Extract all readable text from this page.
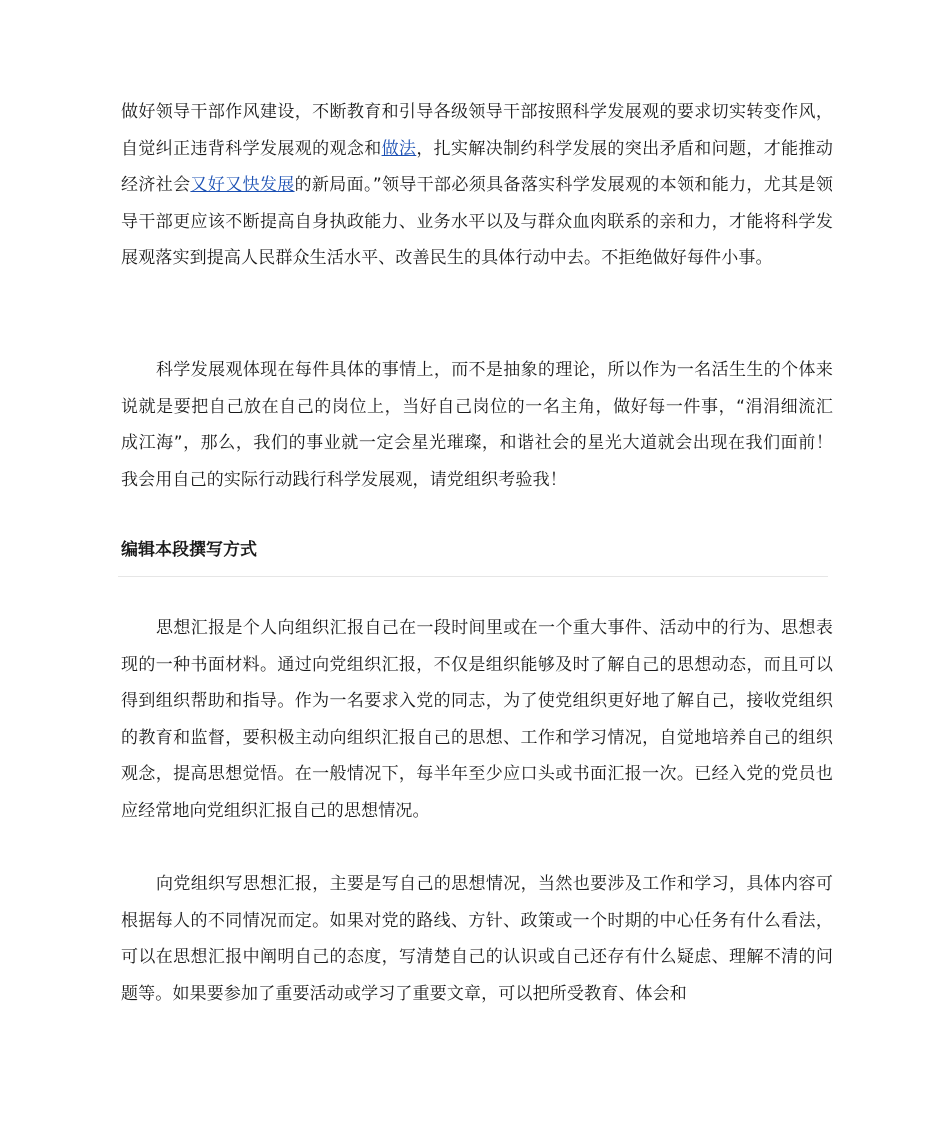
做好领导干部作风建设，不断教育和引导各级领导干部按照科学发展观的要求切实转变作风，自觉纠正违背科学发展观的观念和做法，扎实解决制约科学发展的突出矛盾和问题，才能推动经济社会又好又快发展的新局面。”领导干部必须具备落实科学发展观的本领和能力，尤其是领导干部更应该不断提高自身执政能力、业务水平以及与群众血肉联系的亲和力，才能将科学发展观落实到提高人民群众生活水平、改善民生的具体行动中去。不拒绝做好每件小事。

科学发展观体现在每件具体的事情上，而不是抽象的理论，所以作为一名活生生的个体来说就是要把自己放在自己的岗位上，当好自己岗位的一名主角，做好每一件事，“涓涓细流汇成江海”，那么，我们的事业就一定会星光璀璨，和谐社会的星光大道就会出现在我们面前！我会用自己的实际行动践行科学发展观，请党组织考验我！

编辑本段撰写方式

思想汇报是个人向组织汇报自己在一段时间里或在一个重大事件、活动中的行为、思想表现的一种书面材料。通过向党组织汇报，不仅是组织能够及时了解自己的思想动态，而且可以得到组织帮助和指导。作为一名要求入党的同志，为了使党组织更好地了解自己，接收党组织的教育和监督，要积极主动向组织汇报自己的思想、工作和学习情况，自觉地培养自己的组织观念，提高思想觉悟。在一般情况下，每半年至少应口头或书面汇报一次。已经入党的党员也应经常地向党组织汇报自己的思想情况。

向党组织写思想汇报，主要是写自己的思想情况，当然也要涉及工作和学习，具体内容可根据每人的不同情况而定。如果对党的路线、方针、政策或一个时期的中心任务有什么看法，可以在思想汇报中阐明自己的态度，写清楚自己的认识或自己还存有什么疑虑、理解不清的问题等。如果要参加了重要活动或学习了重要文章，可以把所受教育、体会和
